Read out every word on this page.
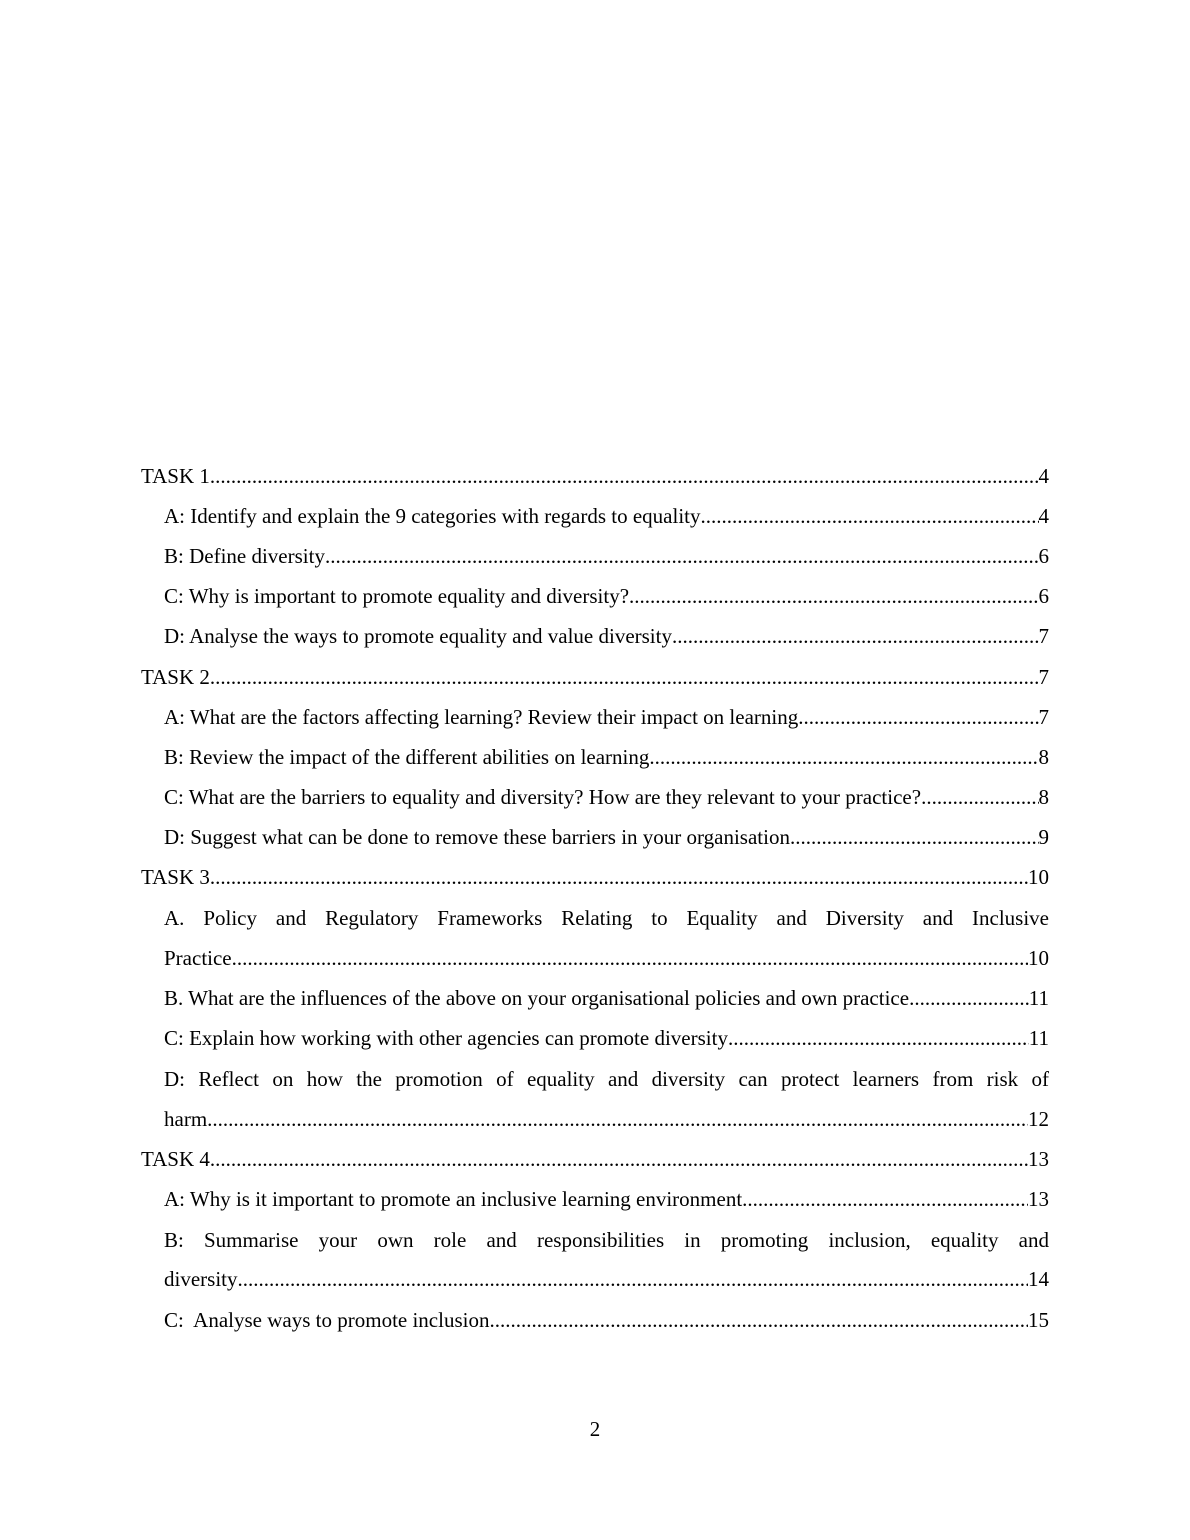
TASK 1 .....	4
A: Identify and explain the 9 categories with regards to equality .....	4
B: Define diversity .....	6
C: Why is important to promote equality and diversity? .....	6
D: Analyse the ways to promote equality and value diversity .....	7
TASK 2 .....	7
A: What are the factors affecting learning? Review their impact on learning .....	7
B: Review the impact of the different abilities on learning .....	8
C: What are the barriers to equality and diversity? How are they relevant to your practice? .....	8
D: Suggest what can be done to remove these barriers in your organisation .....	9
TASK 3 .....	10
A. Policy and Regulatory Frameworks Relating to Equality and Diversity and Inclusive
Practice .....	10
B. What are the influences of the above on your organisational policies and own practice .....	11
C: Explain how working with other agencies can promote diversity .....	11
D: Reflect on how the promotion of equality and diversity can protect learners from risk of
harm .....	12
TASK 4 .....	13
A: Why is it important to promote an inclusive learning environment .....	13
B: Summarise your own role and responsibilities in promoting inclusion, equality and
diversity .....	14
C:  Analyse ways to promote inclusion .....	15
2
